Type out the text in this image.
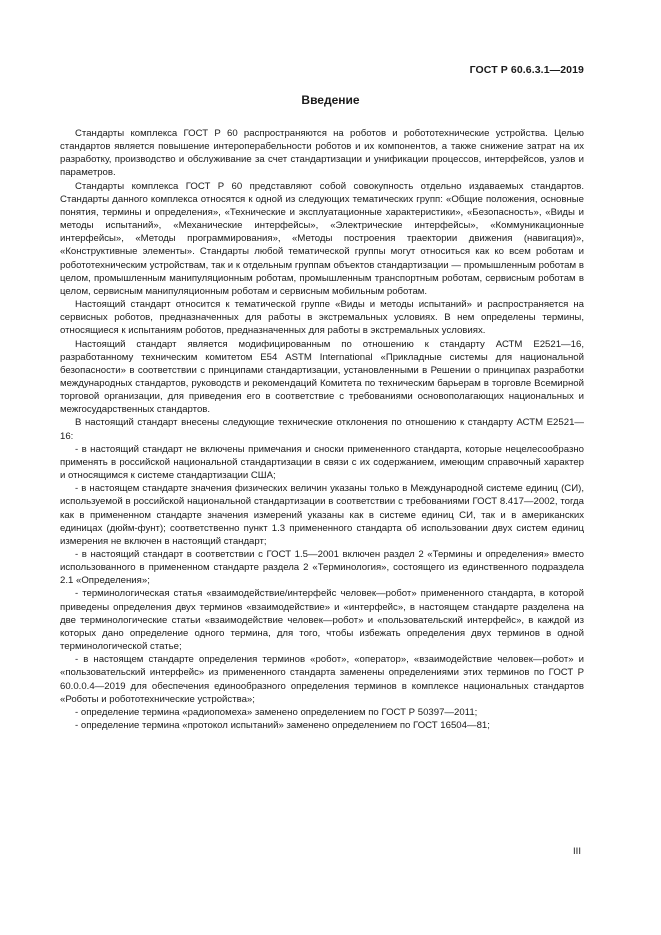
ГОСТ Р 60.6.3.1—2019
Введение

Стандарты комплекса ГОСТ Р 60 распространяются на роботов и робототехнические устройства. Целью стандартов является повышение интероперабельности роботов и их компонентов, а также снижение затрат на их разработку, производство и обслуживание за счет стандартизации и унификации процессов, интерфейсов, узлов и параметров.

Стандарты комплекса ГОСТ Р 60 представляют собой совокупность отдельно издаваемых стандартов. Стандарты данного комплекса относятся к одной из следующих тематических групп: «Общие положения, основные понятия, термины и определения», «Технические и эксплуатационные характеристики», «Безопасность», «Виды и методы испытаний», «Механические интерфейсы», «Электрические интерфейсы», «Коммуникационные интерфейсы», «Методы программирования», «Методы построения траектории движения (навигация)», «Конструктивные элементы». Стандарты любой тематической группы могут относиться как ко всем роботам и робототехническим устройствам, так и к отдельным группам объектов стандартизации — промышленным роботам в целом, промышленным манипуляционным роботам, промышленным транспортным роботам, сервисным роботам в целом, сервисным манипуляционным роботам и сервисным мобильным роботам.

Настоящий стандарт относится к тематической группе «Виды и методы испытаний» и распространяется на сервисных роботов, предназначенных для работы в экстремальных условиях. В нем определены термины, относящиеся к испытаниям роботов, предназначенных для работы в экстремальных условиях.

Настоящий стандарт является модифицированным по отношению к стандарту АСТМ Е2521—16, разработанному техническим комитетом Е54 ASTM International «Прикладные системы для национальной безопасности» в соответствии с принципами стандартизации, установленными в Решении о принципах разработки международных стандартов, руководств и рекомендаций Комитета по техническим барьерам в торговле Всемирной торговой организации, для приведения его в соответствие с требованиями основополагающих национальных и межгосударственных стандартов.

В настоящий стандарт внесены следующие технические отклонения по отношению к стандарту АСТМ Е2521—16:

- в настоящий стандарт не включены примечания и сноски примененного стандарта, которые нецелесообразно применять в российской национальной стандартизации в связи с их содержанием, имеющим справочный характер и относящимся к системе стандартизации США;

- в настоящем стандарте значения физических величин указаны только в Международной системе единиц (СИ), используемой в российской национальной стандартизации в соответствии с требованиями ГОСТ 8.417—2002, тогда как в примененном стандарте значения измерений указаны как в системе единиц СИ, так и в американских единицах (дюйм-фунт); соответственно пункт 1.3 примененного стандарта об использовании двух систем единиц измерения не включен в настоящий стандарт;

- в настоящий стандарт в соответствии с ГОСТ 1.5—2001 включен раздел 2 «Термины и определения» вместо использованного в примененном стандарте раздела 2 «Терминология», состоящего из единственного подраздела 2.1 «Определения»;

- терминологическая статья «взаимодействие/интерфейс человек—робот» примененного стандарта, в которой приведены определения двух терминов «взаимодействие» и «интерфейс», в настоящем стандарте разделена на две терминологические статьи «взаимодействие человек—робот» и «пользовательский интерфейс», в каждой из которых дано определение одного термина, для того, чтобы избежать определения двух терминов в одной терминологической статье;

- в настоящем стандарте определения терминов «робот», «оператор», «взаимодействие человек—робот» и «пользовательский интерфейс» из примененного стандарта заменены определениями этих терминов по ГОСТ Р 60.0.0.4—2019 для обеспечения единообразного определения терминов в комплексе национальных стандартов «Роботы и робототехнические устройства»;

- определение термина «радиопомеха» заменено определением по ГОСТ Р 50397—2011;

- определение термина «протокол испытаний» заменено определением по ГОСТ 16504—81;

III
